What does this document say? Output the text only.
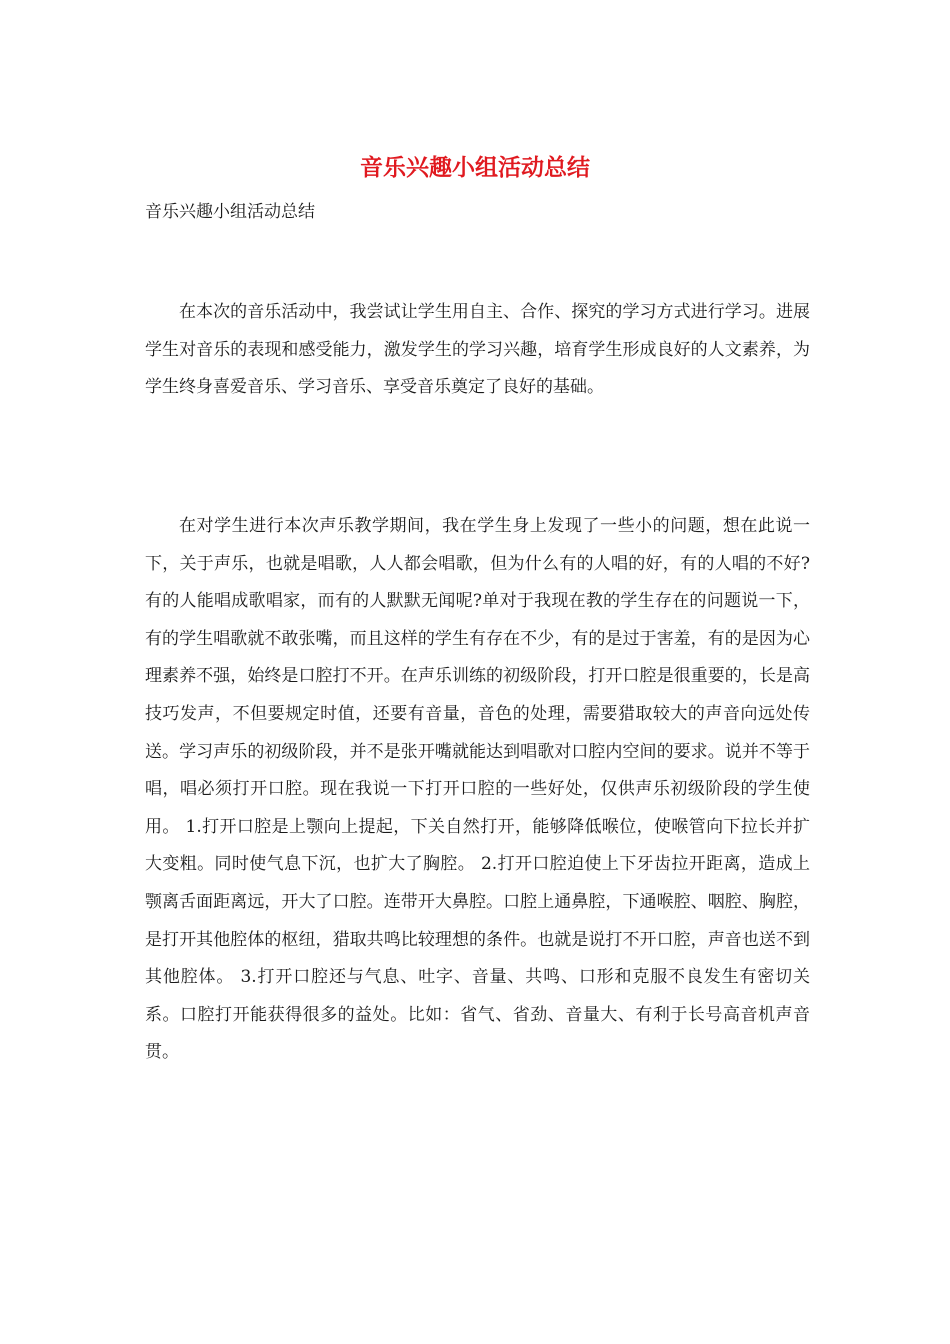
音乐兴趣小组活动总结

音乐兴趣小组活动总结

在本次的音乐活动中，我尝试让学生用自主、合作、探究的学习方式进行学习。进展学生对音乐的表现和感受能力，激发学生的学习兴趣，培育学生形成良好的人文素养，为学生终身喜爱音乐、学习音乐、享受音乐奠定了良好的基础。

在对学生进行本次声乐教学期间，我在学生身上发现了一些小的问题，想在此说一下，关于声乐，也就是唱歌，人人都会唱歌，但为什么有的人唱的好，有的人唱的不好?有的人能唱成歌唱家，而有的人默默无闻呢?单对于我现在教的学生存在的问题说一下，有的学生唱歌就不敢张嘴，而且这样的学生有存在不少，有的是过于害羞，有的是因为心理素养不强，始终是口腔打不开。在声乐训练的初级阶段，打开口腔是很重要的，长是高技巧发声，不但要规定时值，还要有音量，音色的处理，需要猎取较大的声音向远处传送。学习声乐的初级阶段，并不是张开嘴就能达到唱歌对口腔内空间的要求。说并不等于唱，唱必须打开口腔。现在我说一下打开口腔的一些好处，仅供声乐初级阶段的学生使用。 1.打开口腔是上颚向上提起，下关自然打开，能够降低喉位，使喉管向下拉长并扩大变粗。同时使气息下沉，也扩大了胸腔。 2.打开口腔迫使上下牙齿拉开距离，造成上颚离舌面距离远，开大了口腔。连带开大鼻腔。口腔上通鼻腔，下通喉腔、咽腔、胸腔，是打开其他腔体的枢纽，猎取共鸣比较理想的条件。也就是说打不开口腔，声音也送不到其他腔体。 3.打开口腔还与气息、吐字、音量、共鸣、口形和克服不良发生有密切关系。口腔打开能获得很多的益处。比如：省气、省劲、音量大、有利于长号高音机声音贯。
